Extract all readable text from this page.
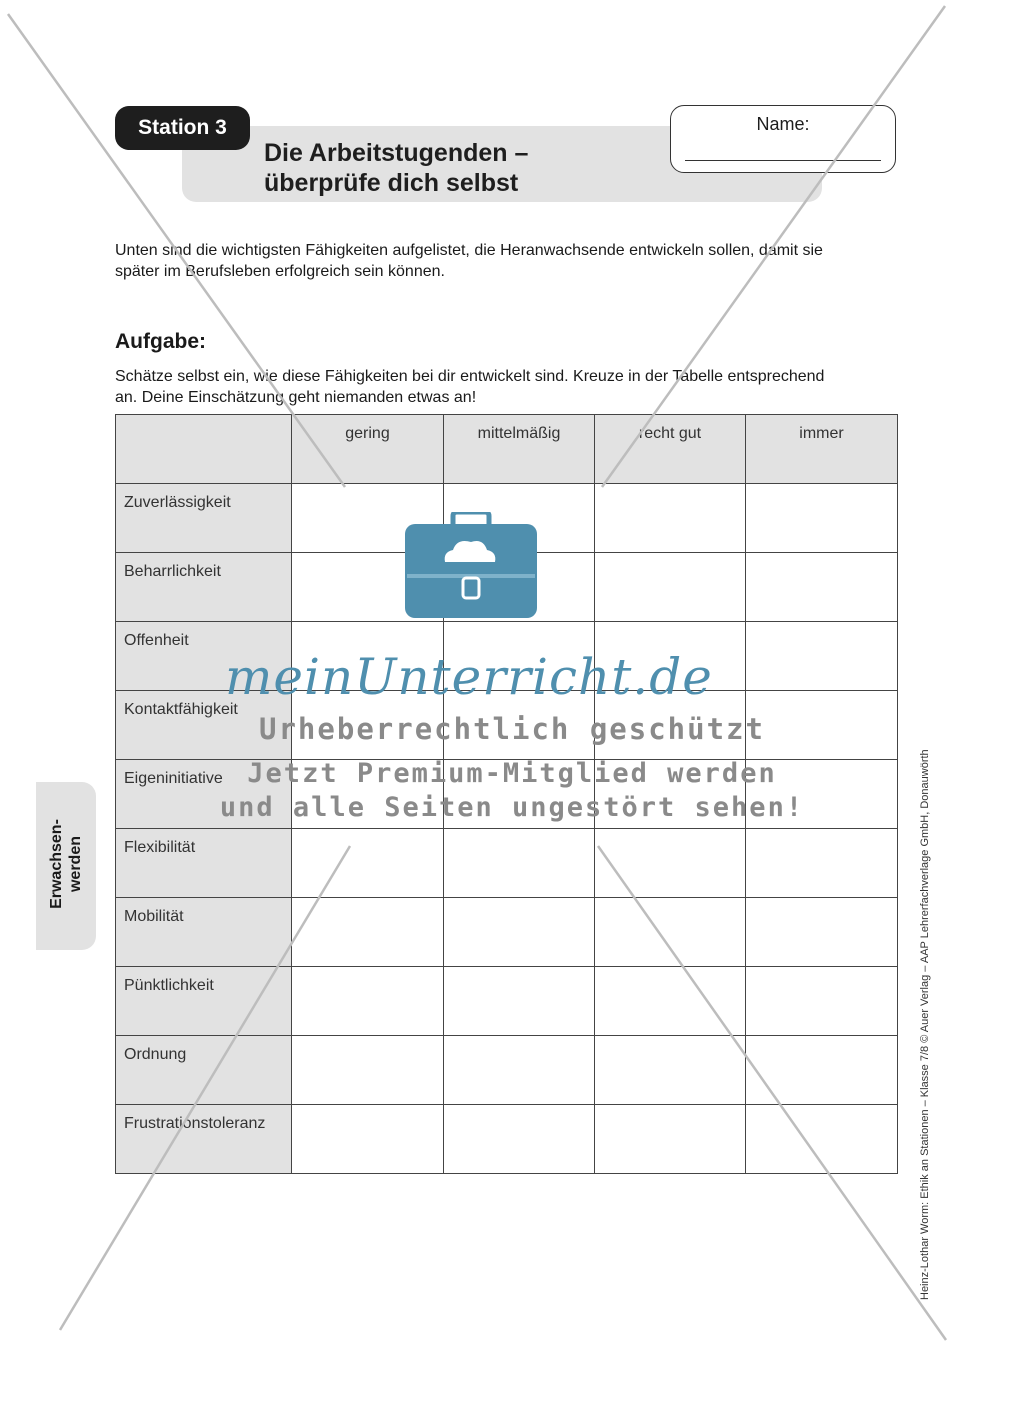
Station 3
Die Arbeitstugenden –
überprüfe dich selbst
Name:
Unten sind die wichtigsten Fähigkeiten aufgelistet, die Heranwachsende entwickeln sollen, damit sie
später im Berufsleben erfolgreich sein können.
Aufgabe:
Schätze selbst ein, wie diese Fähigkeiten bei dir entwickelt sind. Kreuze in der Tabelle entsprechend
an. Deine Einschätzung geht niemanden etwas an!
	gering	mittelmäßig	recht gut	immer
Zuverlässigkeit				
Beharrlichkeit				
Offenheit				
Kontaktfähigkeit				
Eigeninitiative				
Flexibilität				
Mobilität				
Pünktlichkeit				
Ordnung				
Frustrationstoleranz				
Erwachsen- werden	Heinz-Lothar Worm: Ethik an Stationen – Klasse 7/8 © Auer Verlag – AAP Lehrerfachverlage GmbH, Donauwörth
meinUnterricht.de
Urheberrechtlich geschützt
Jetzt Premium-Mitglied werden
und alle Seiten ungestört sehen!
